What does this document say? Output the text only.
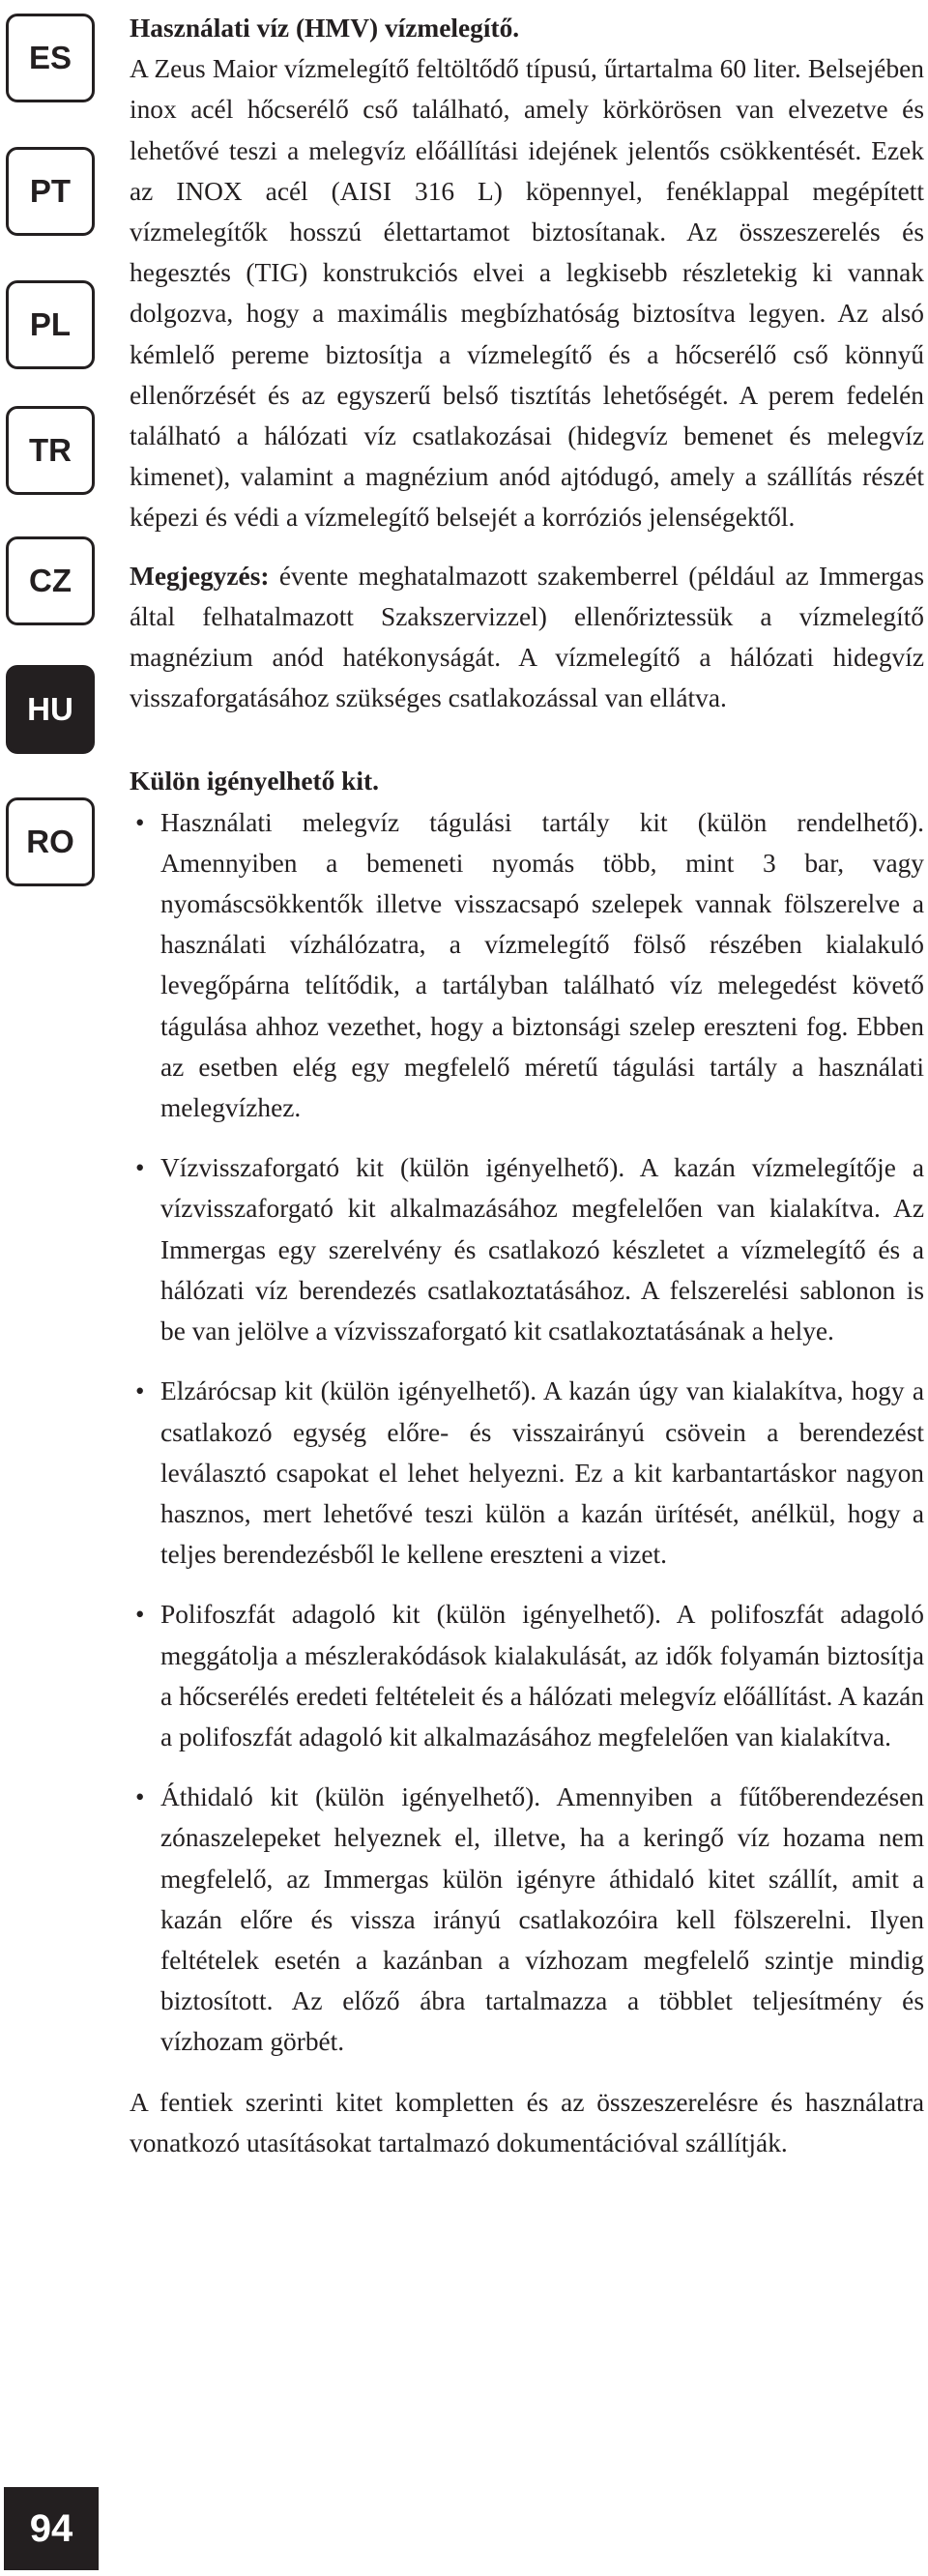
ES
PT
PL
TR
CZ
HU
RO

Használati víz (HMV) vízmelegítő.

A Zeus Maior vízmelegítő feltöltődő típusú, űrtartalma 60 liter. Belsejében inox acél hőcserélő cső található, amely körkörösen van elvezetve és lehetővé teszi a melegvíz előállítási idejének jelentős csökkentését. Ezek az INOX acél (AISI 316 L) köpennyel, fenéklappal megépített vízmelegítők hosszú élettartamot biztosítanak. Az összeszerelés és hegesztés (TIG) konstrukciós elvei a legkisebb részletekig ki vannak dolgozva, hogy a maximális megbízhatóság biztosítva legyen. Az alsó kémlelő pereme biztosítja a vízmelegítő és a hőcserélő cső könnyű ellenőrzését és az egyszerű belső tisztítás lehetőségét. A perem fedelén található a hálózati víz csatlakozásai (hidegvíz bemenet és melegvíz kimenet), valamint a magnézium anód ajtódugó, amely a szállítás részét képezi és védi a vízmelegítő belsejét a korróziós jelenségektől.

Megjegyzés: évente meghatalmazott szakemberrel (például az Immergas által felhatalmazott Szakszervizzel) ellenőriztessük a vízmelegítő magnézium anód hatékonyságát. A vízmelegítő a hálózati hidegvíz visszaforgatásához szükséges csatlakozással van ellátva.

Külön igényelhető kit.

• Használati melegvíz tágulási tartály kit (külön rendelhető). Amennyiben a bemeneti nyomás több, mint 3 bar, vagy nyomáscsökkentők illetve visszacsapó szelepek vannak fölszerelve a használati vízhálózatra, a vízmelegítő fölső részében kialakuló levegőpárna telítődik, a tartályban található víz melegedést követő tágulása ahhoz vezethet, hogy a biztonsági szelep ereszteni fog. Ebben az esetben elég egy megfelelő méretű tágulási tartály a használati melegvízhez.
• Vízvisszaforgató kit (külön igényelhető). A kazán vízmelegítője a vízvisszaforgató kit alkalmazásához megfelelően van kialakítva. Az Immergas egy szerelvény és csatlakozó készletet a vízmelegítő és a hálózati víz berendezés csatlakoztatásához. A felszerelési sablonon is be van jelölve a vízvisszaforgató kit csatlakoztatásának a helye.
• Elzárócsap kit (külön igényelhető). A kazán úgy van kialakítva, hogy a csatlakozó egység előre- és visszairányú csövein a berendezést leválasztó csapokat el lehet helyezni. Ez a kit karbantartáskor nagyon hasznos, mert lehetővé teszi külön a kazán ürítését, anélkül, hogy a teljes berendezésből le kellene ereszteni a vizet.
• Polifoszfát adagoló kit (külön igényelhető). A polifoszfát adagoló meggátolja a mészlerakódások kialakulását, az idők folyamán biztosítja a hőcserélés eredeti feltételeit és a hálózati melegvíz előállítást. A kazán a polifoszfát adagoló kit alkalmazásához megfelelően van kialakítva.
• Áthidaló kit (külön igényelhető). Amennyiben a fűtőberendezésen zónaszelepeket helyeznek el, illetve, ha a keringő víz hozama nem megfelelő, az Immergas külön igényre áthidaló kitet szállít, amit a kazán előre és vissza irányú csatlakozóira kell fölszerelni. Ilyen feltételek esetén a kazánban a vízhozam megfelelő szintje mindig biztosított. Az előző ábra tartalmazza a többlet teljesítmény és vízhozam görbét.

A fentiek szerinti kitet kompletten és az összeszerelésre és használatra vonatkozó utasításokat tartalmazó dokumentációval szállítják.

94
